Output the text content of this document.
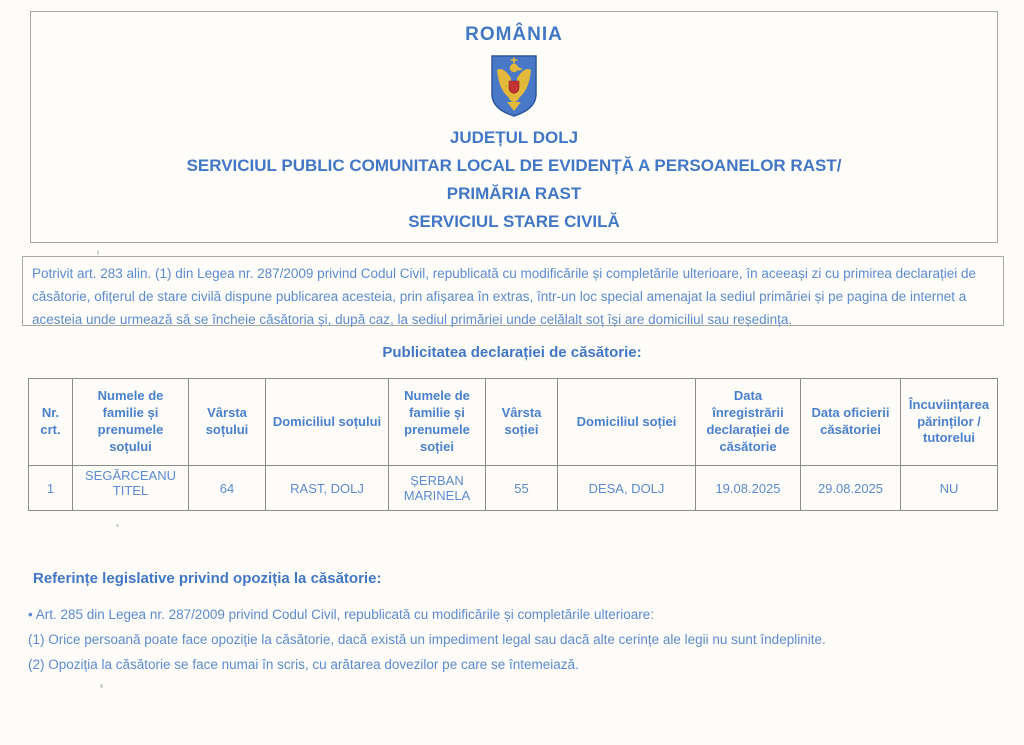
ROMÂNIA
JUDEȚUL DOLJ
SERVICIUL PUBLIC COMUNITAR LOCAL DE EVIDENȚĂ A PERSOANELOR RAST/
PRIMĂRIA RAST
SERVICIUL STARE CIVILĂ
Potrivit art. 283 alin. (1) din Legea nr. 287/2009 privind Codul Civil, republicată cu modificările și completările ulterioare, în aceeași zi cu primirea declarației de căsătorie, ofițerul de stare civilă dispune publicarea acesteia, prin afișarea în extras, într-un loc special amenajat la sediul primăriei și pe pagina de internet a acesteia unde urmează să se încheie căsătoria și, după caz, la sediul primăriei unde celălalt soț își are domiciliul sau reședința.
Publicitatea declarației de căsătorie:
Nr. crt.	Numele de familie și prenumele soțului	Vârsta soțului	Domiciliul soțului	Numele de familie și prenumele soției	Vârsta soției	Domiciliul soției	Data înregistrării declarației de căsătorie	Data oficierii căsătoriei	Încuviințarea părinților / tutorelui
1	SEGĂRCEANU TITEL	64	RAST, DOLJ	ȘERBAN MARINELA	55	DESA, DOLJ	19.08.2025	29.08.2025	NU
Referințe legislative privind opoziția la căsătorie:

• Art. 285 din Legea nr. 287/2009 privind Codul Civil, republicată cu modificările și completările ulterioare:

(1) Orice persoană poate face opoziție la căsătorie, dacă există un impediment legal sau dacă alte cerințe ale legii nu sunt îndeplinite.

(2) Opoziția la căsătorie se face numai în scris, cu arătarea dovezilor pe care se întemeiază.
